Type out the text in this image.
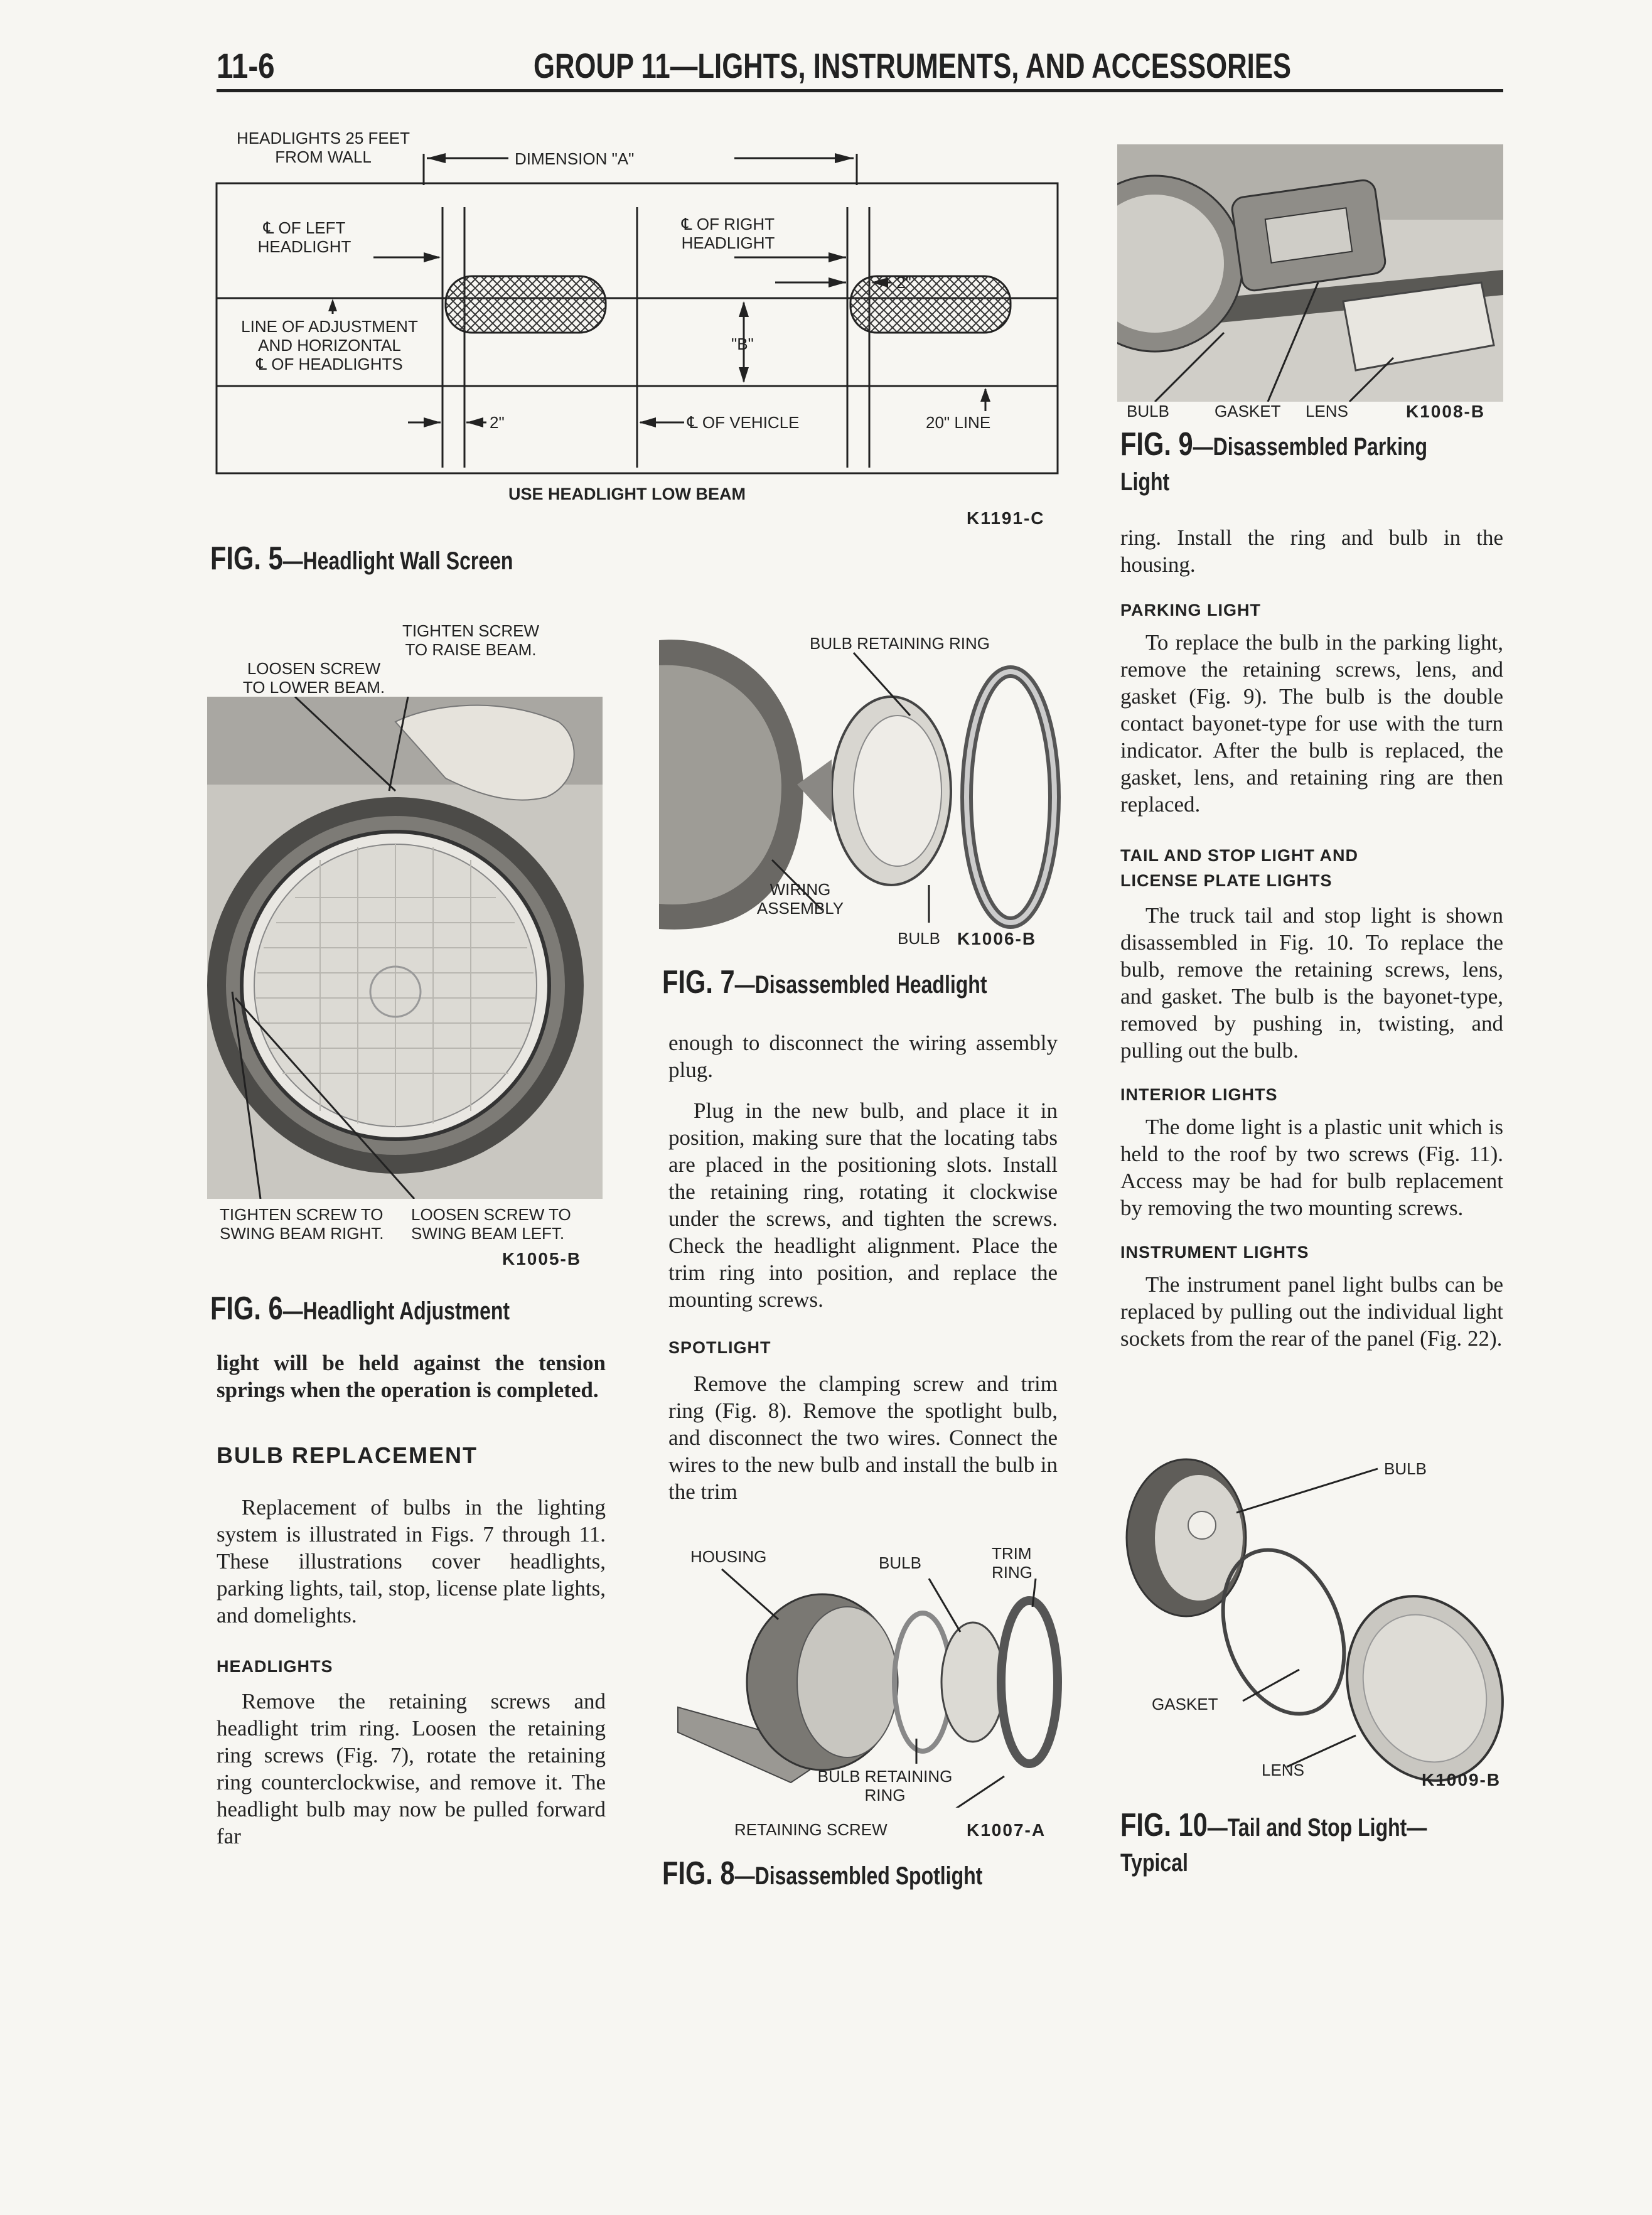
11-6	GROUP 11—LIGHTS, INSTRUMENTS, AND ACCESSORIES
HEADLIGHTS 25 FEET
FROM WALL	DIMENSION "A"
℄ OF LEFT
HEADLIGHT
℄ OF RIGHT
HEADLIGHT
2"
LINE OF ADJUSTMENT
AND HORIZONTAL
℄ OF HEADLIGHTS
"B"
2"	℄ OF VEHICLE	20" LINE
USE HEADLIGHT LOW BEAM
K1191-C
FIG. 5—Headlight Wall Screen
TIGHTEN SCREW
TO RAISE BEAM.
LOOSEN SCREW
TO LOWER BEAM.
TIGHTEN SCREW TO
SWING BEAM RIGHT.
LOOSEN SCREW TO
SWING BEAM LEFT.
K1005-B
FIG. 6—Headlight Adjustment

light will be held against the tension springs when the operation is completed.

BULB REPLACEMENT

Replacement of bulbs in the lighting system is illustrated in Figs. 7 through 11. These illustrations cover headlights, parking lights, tail, stop, license plate lights, and domelights.

HEADLIGHTS

Remove the retaining screws and headlight trim ring. Loosen the retaining ring screws (Fig. 7), rotate the retaining ring counterclockwise, and remove it. The headlight bulb may now be pulled forward far

BULB RETAINING RING
WIRING
ASSEMBLY
BULB K1006-B
FIG. 7—Disassembled Headlight

enough to disconnect the wiring assembly plug.

Plug in the new bulb, and place it in position, making sure that the locating tabs are placed in the positioning slots. Install the retaining ring, rotating it clockwise under the screws, and tighten the screws. Check the headlight alignment. Place the trim ring into position, and replace the mounting screws.

SPOTLIGHT

Remove the clamping screw and trim ring (Fig. 8). Remove the spotlight bulb, and disconnect the two wires. Connect the wires to the new bulb and install the bulb in the trim

HOUSING	BULB	TRIM RING
BULB RETAINING
RING
RETAINING SCREW	K1007-A
FIG. 8—Disassembled Spotlight
BULB	GASKET LENS	K1008-B
FIG. 9—Disassembled Parking
Light

ring. Install the ring and bulb in the housing.

PARKING LIGHT

To replace the bulb in the parking light, remove the retaining screws, lens, and gasket (Fig. 9). The bulb is the double contact bayonet-type for use with the turn indicator. After the bulb is replaced, the gasket, lens, and retaining ring are then replaced.

TAIL AND STOP LIGHT AND
LICENSE PLATE LIGHTS

The truck tail and stop light is shown disassembled in Fig. 10. To replace the bulb, remove the retaining screws, lens, and gasket. The bulb is the bayonet-type, removed by pushing in, twisting, and pulling out the bulb.

INTERIOR LIGHTS

The dome light is a plastic unit which is held to the roof by two screws (Fig. 11). Access may be had for bulb replacement by removing the two mounting screws.

INSTRUMENT LIGHTS

The instrument panel light bulbs can be replaced by pulling out the individual light sockets from the rear of the panel (Fig. 22).

BULB
GASKET
LENS	K1009-B
FIG. 10—Tail and Stop Light—
Typical
